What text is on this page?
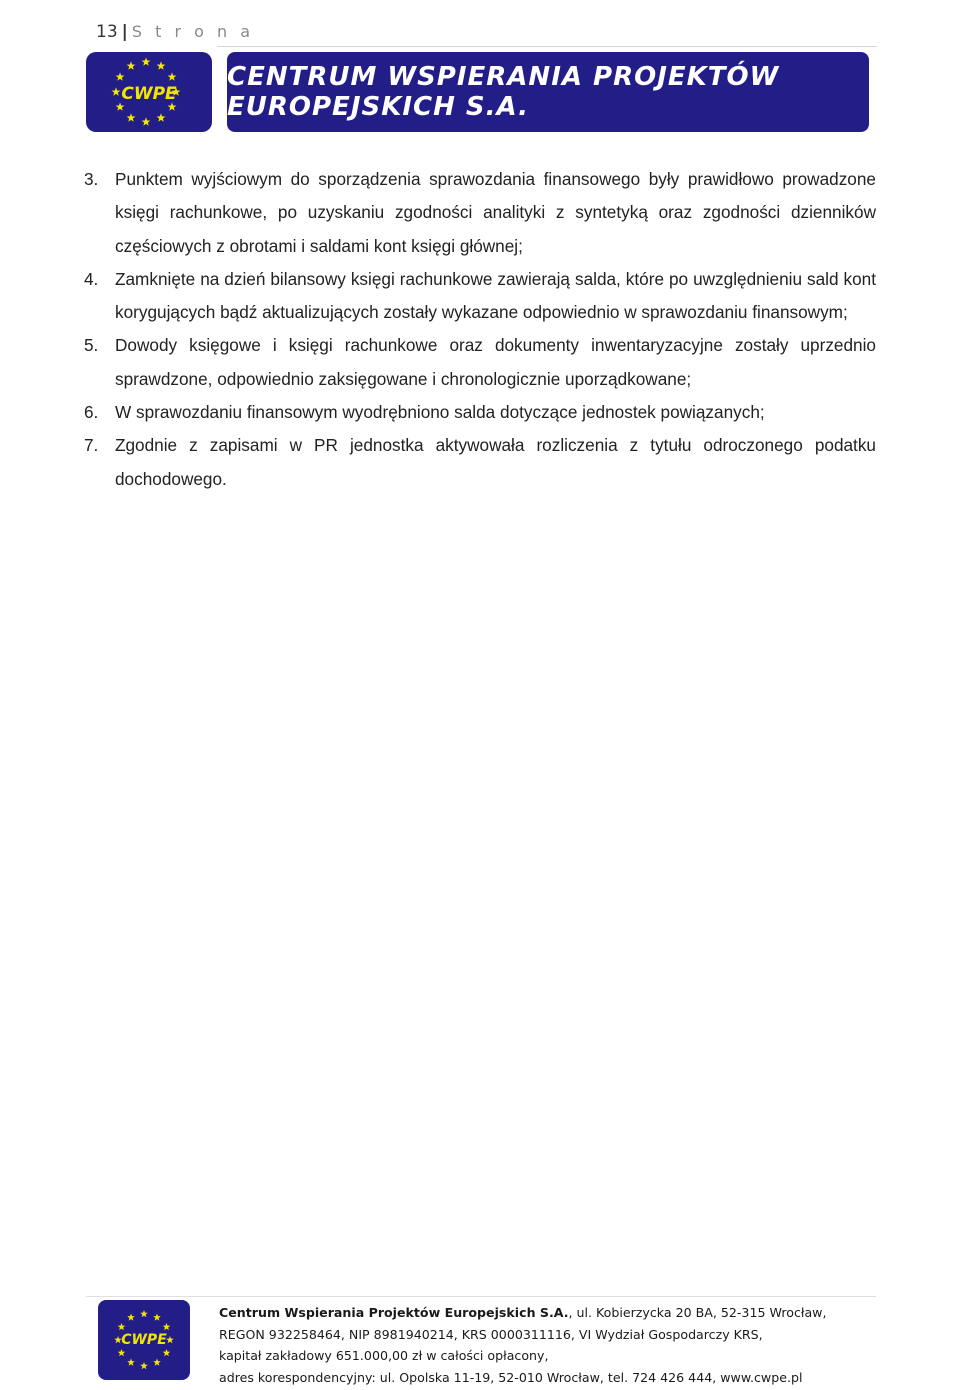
13 | S t r o n a
CWPE
CENTRUM WSPIERANIA PROJEKTÓW EUROPEJSKICH S.A.
3. Punktem wyjściowym do sporządzenia sprawozdania finansowego były prawidłowo prowadzone księgi rachunkowe, po uzyskaniu zgodności analityki z syntetyką oraz zgodności dzienników częściowych z obrotami i saldami kont księgi głównej;
4. Zamknięte na dzień bilansowy księgi rachunkowe zawierają salda, które po uwzględnieniu sald kont korygujących bądź aktualizujących zostały wykazane odpowiednio w sprawozdaniu finansowym;
5. Dowody księgowe i księgi rachunkowe oraz dokumenty inwentaryzacyjne zostały uprzednio sprawdzone, odpowiednio zaksięgowane i chronologicznie uporządkowane;
6. W sprawozdaniu finansowym wyodrębniono salda dotyczące jednostek powiązanych;
7. Zgodnie z zapisami w PR jednostka aktywowała rozliczenia z tytułu odroczonego podatku dochodowego.
CWPE
Centrum Wspierania Projektów Europejskich S.A., ul. Kobierzycka 20 BA, 52-315 Wrocław,
REGON 932258464, NIP 8981940214, KRS 0000311116, VI Wydział Gospodarczy KRS,
kapitał zakładowy 651.000,00 zł w całości opłacony,
adres korespondencyjny: ul. Opolska 11-19, 52-010 Wrocław, tel. 724 426 444, www.cwpe.pl
